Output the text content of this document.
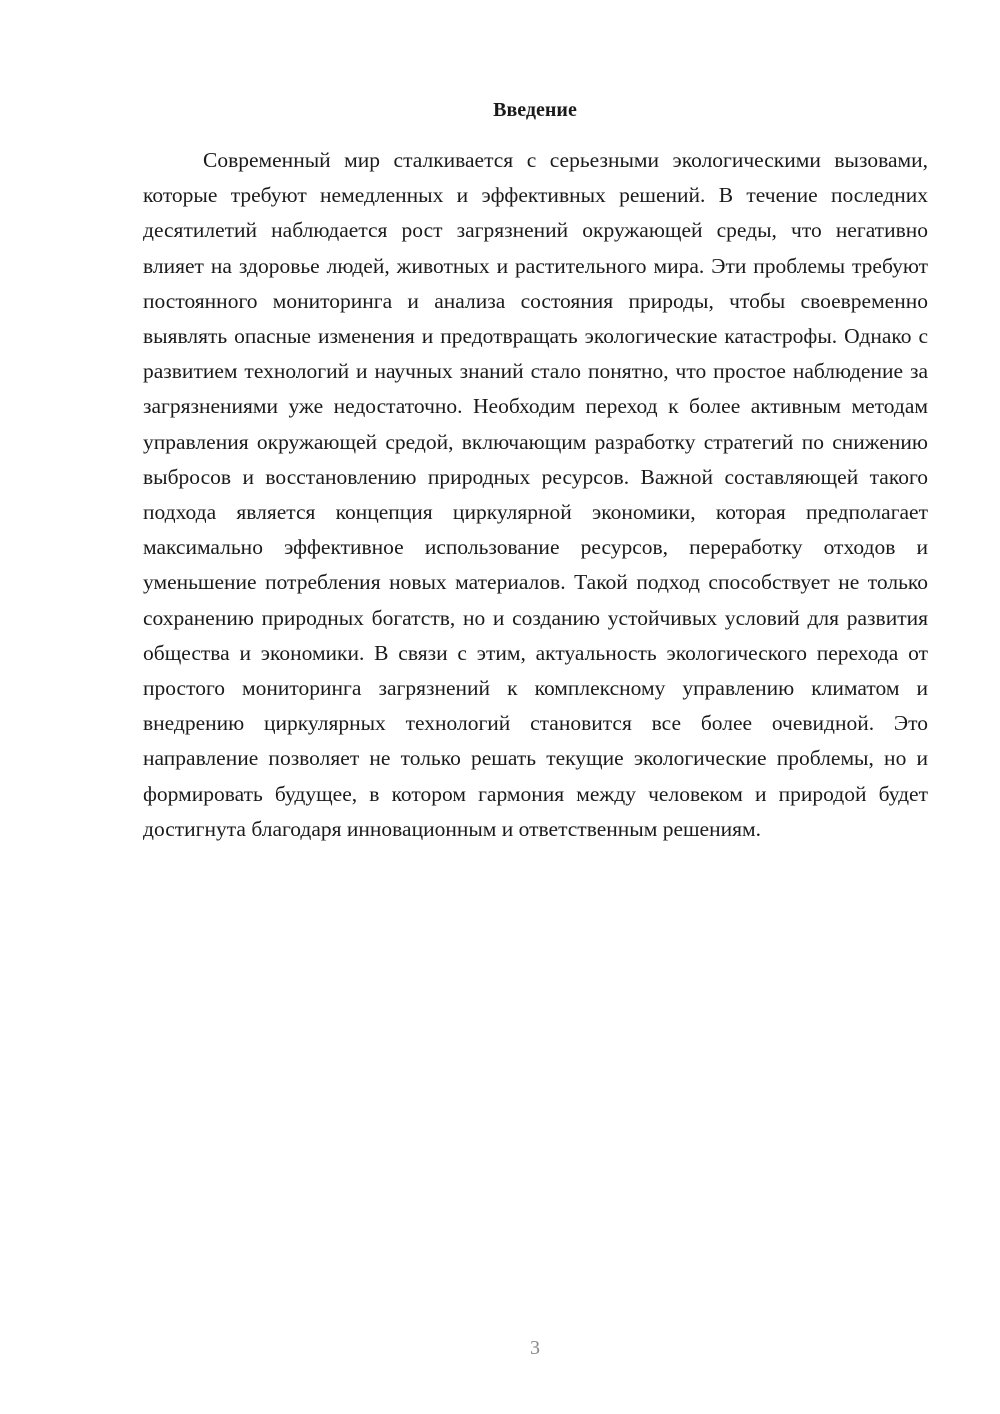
Введение

Современный мир сталкивается с серьезными экологическими вызовами, которые требуют немедленных и эффективных решений. В течение последних десятилетий наблюдается рост загрязнений окружающей среды, что негативно влияет на здоровье людей, животных и растительного мира. Эти проблемы требуют постоянного мониторинга и анализа состояния природы, чтобы своевременно выявлять опасные изменения и предотвращать экологические катастрофы. Однако с развитием технологий и научных знаний стало понятно, что простое наблюдение за загрязнениями уже недостаточно. Необходим переход к более активным методам управления окружающей средой, включающим разработку стратегий по снижению выбросов и восстановлению природных ресурсов. Важной составляющей такого подхода является концепция циркулярной экономики, которая предполагает максимально эффективное использование ресурсов, переработку отходов и уменьшение потребления новых материалов. Такой подход способствует не только сохранению природных богатств, но и созданию устойчивых условий для развития общества и экономики. В связи с этим, актуальность экологического перехода от простого мониторинга загрязнений к комплексному управлению климатом и внедрению циркулярных технологий становится все более очевидной. Это направление позволяет не только решать текущие экологические проблемы, но и формировать будущее, в котором гармония между человеком и природой будет достигнута благодаря инновационным и ответственным решениям.

3
